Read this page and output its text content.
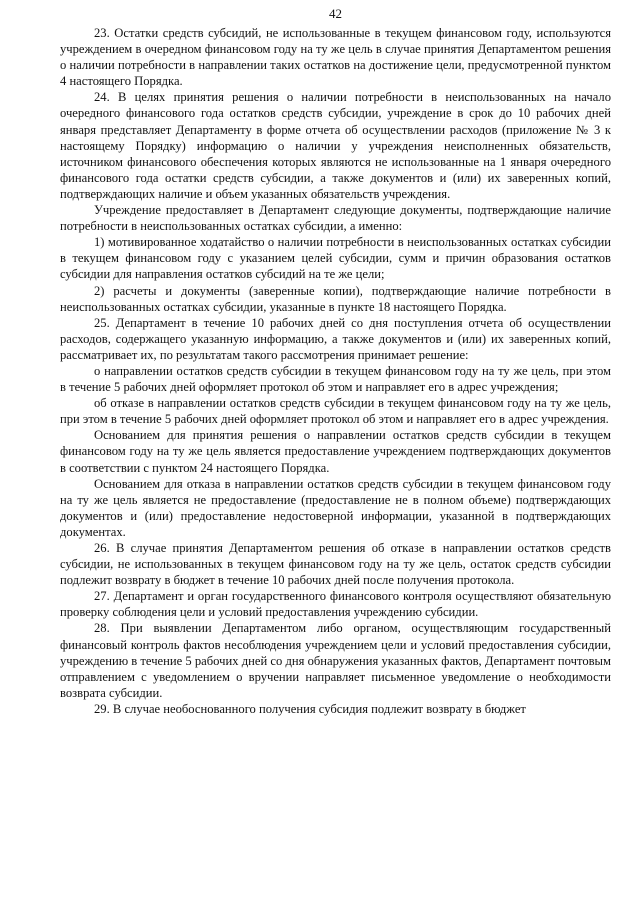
42

23. Остатки средств субсидий, не использованные в текущем финансовом году, используются учреждением в очередном финансовом году на ту же цель в случае принятия Департаментом решения о наличии потребности в направлении таких остатков на достижение цели, предусмотренной пунктом 4 настоящего Порядка.

24. В целях принятия решения о наличии потребности в неиспользованных на начало очередного финансового года остатков средств субсидии, учреждение в срок до 10 рабочих дней января представляет Департаменту в форме отчета об осуществлении расходов (приложение № 3 к настоящему Порядку) информацию о наличии у учреждения неисполненных обязательств, источником финансового обеспечения которых являются не использованные на 1 января очередного финансового года остатки средств субсидии, а также документов и (или) их заверенных копий, подтверждающих наличие и объем указанных обязательств учреждения.

Учреждение предоставляет в Департамент следующие документы, подтверждающие наличие потребности в неиспользованных остатках субсидии, а именно:

1) мотивированное ходатайство о наличии потребности в неиспользованных остатках субсидии в текущем финансовом году с указанием целей субсидии, сумм и причин образования остатков субсидии для направления остатков субсидий на те же цели;

2) расчеты и документы (заверенные копии), подтверждающие наличие потребности в неиспользованных остатках субсидии, указанные в пункте 18 настоящего Порядка.

25. Департамент в течение 10 рабочих дней со дня поступления отчета об осуществлении расходов, содержащего указанную информацию, а также документов и (или) их заверенных копий, рассматривает их, по результатам такого рассмотрения принимает решение:

о направлении остатков средств субсидии в текущем финансовом году на ту же цель, при этом в течение 5 рабочих дней оформляет протокол об этом и направляет его в адрес учреждения;

об отказе в направлении остатков средств субсидии в текущем финансовом году на ту же цель, при этом в течение 5 рабочих дней оформляет протокол об этом и направляет его в адрес учреждения.

Основанием для принятия решения о направлении остатков средств субсидии в текущем финансовом году на ту же цель является предоставление учреждением подтверждающих документов в соответствии с пунктом 24 настоящего Порядка.

Основанием для отказа в направлении остатков средств субсидии в текущем финансовом году на ту же цель является не предоставление (предоставление не в полном объеме) подтверждающих документов и (или) предоставление недостоверной информации, указанной в подтверждающих документах.

26. В случае принятия Департаментом решения об отказе в направлении остатков средств субсидии, не использованных в текущем финансовом году на ту же цель, остаток средств субсидии подлежит возврату в бюджет в течение 10 рабочих дней после получения протокола.

27. Департамент и орган государственного финансового контроля осуществляют обязательную проверку соблюдения цели и условий предоставления учреждению субсидии.

28. При выявлении Департаментом либо органом, осуществляющим государственный финансовый контроль фактов несоблюдения учреждением цели и условий предоставления субсидии, учреждению в течение 5 рабочих дней со дня обнаружения указанных фактов, Департамент почтовым отправлением с уведомлением о вручении направляет письменное уведомление о необходимости возврата субсидии.

29. В случае необоснованного получения субсидия подлежит возврату в бюджет
